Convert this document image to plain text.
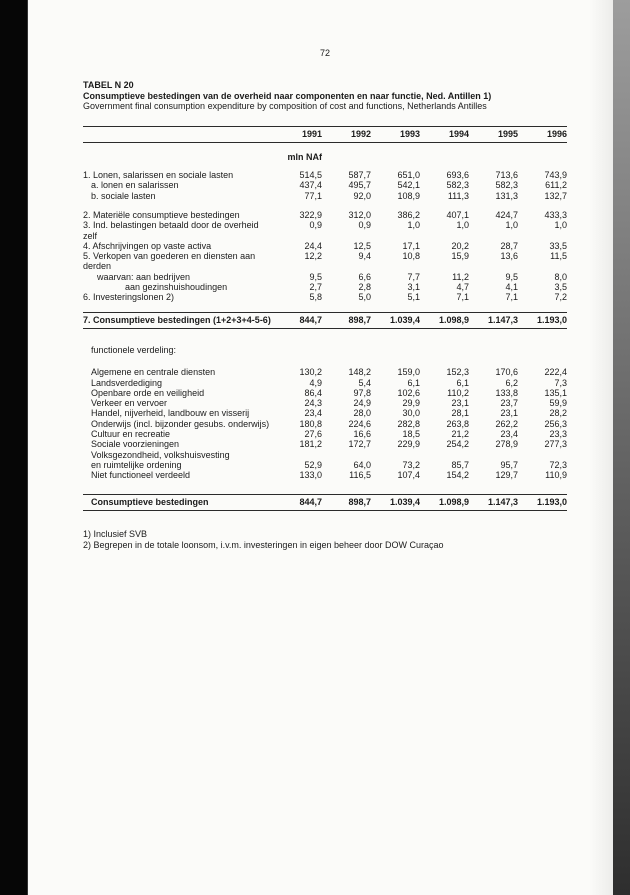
72
TABEL N 20
Consumptieve bestedingen van de overheid naar componenten en naar functie, Ned. Antillen 1)
Government final consumption expenditure by composition of cost and functions, Netherlands Antilles
1991	1992	1993	1994	1995	1996
mln NAf
1. Lonen, salarissen en sociale lasten	514,5	587,7	651,0	693,6	713,6	743,9
a. lonen en salarissen	437,4	495,7	542,1	582,3	582,3	611,2
b. sociale lasten	77,1	92,0	108,9	111,3	131,3	132,7
2. Materiële consumptieve bestedingen	322,9	312,0	386,2	407,1	424,7	433,3
3. Ind. belastingen betaald door de overheid zelf
0,9	0,9	1,0	1,0	1,0	1,0
4. Afschrijvingen op vaste activa	24,4	12,5	17,1	20,2	28,7	33,5
5. Verkopen van goederen en diensten aan derden
12,2	9,4	10,8	15,9	13,6	11,5
waarvan: aan bedrijven	9,5	6,6	7,7	11,2	9,5	8,0
aan gezinshuishoudingen	2,7	2,8	3,1	4,7	4,1	3,5
6. Investeringslonen 2)	5,8	5,0	5,1	7,1	7,1	7,2
7. Consumptieve bestedingen (1+2+3+4-5-6)	844,7	898,7	1.039,4	1.098,9	1.147,3	1.193,0
functionele verdeling:
Algemene en centrale diensten	130,2	148,2	159,0	152,3	170,6	222,4
Landsverdediging	4,9	5,4	6,1	6,1	6,2	7,3
Openbare orde en veiligheid	86,4	97,8	102,6	110,2	133,8	135,1
Verkeer en vervoer	24,3	24,9	29,9	23,1	23,7	59,9
Handel, nijverheid, landbouw en visserij	23,4	28,0	30,0	28,1	23,1	28,2
Onderwijs (incl. bijzonder gesubs. onderwijs)	180,8	224,6	282,8	263,8	262,2	256,3
Cultuur en recreatie	27,6	16,6	18,5	21,2	23,4	23,3
Sociale voorzieningen	181,2	172,7	229,9	254,2	278,9	277,3
Volksgezondheid, volkshuisvesting
en ruimtelijke ordening	52,9	64,0	73,2	85,7	95,7	72,3
Niet functioneel verdeeld	133,0	116,5	107,4	154,2	129,7	110,9
Consumptieve bestedingen	844,7	898,7	1.039,4	1.098,9	1.147,3	1.193,0
1) Inclusief SVB
2) Begrepen in de totale loonsom, i.v.m. investeringen in eigen beheer door DOW Curaçao
